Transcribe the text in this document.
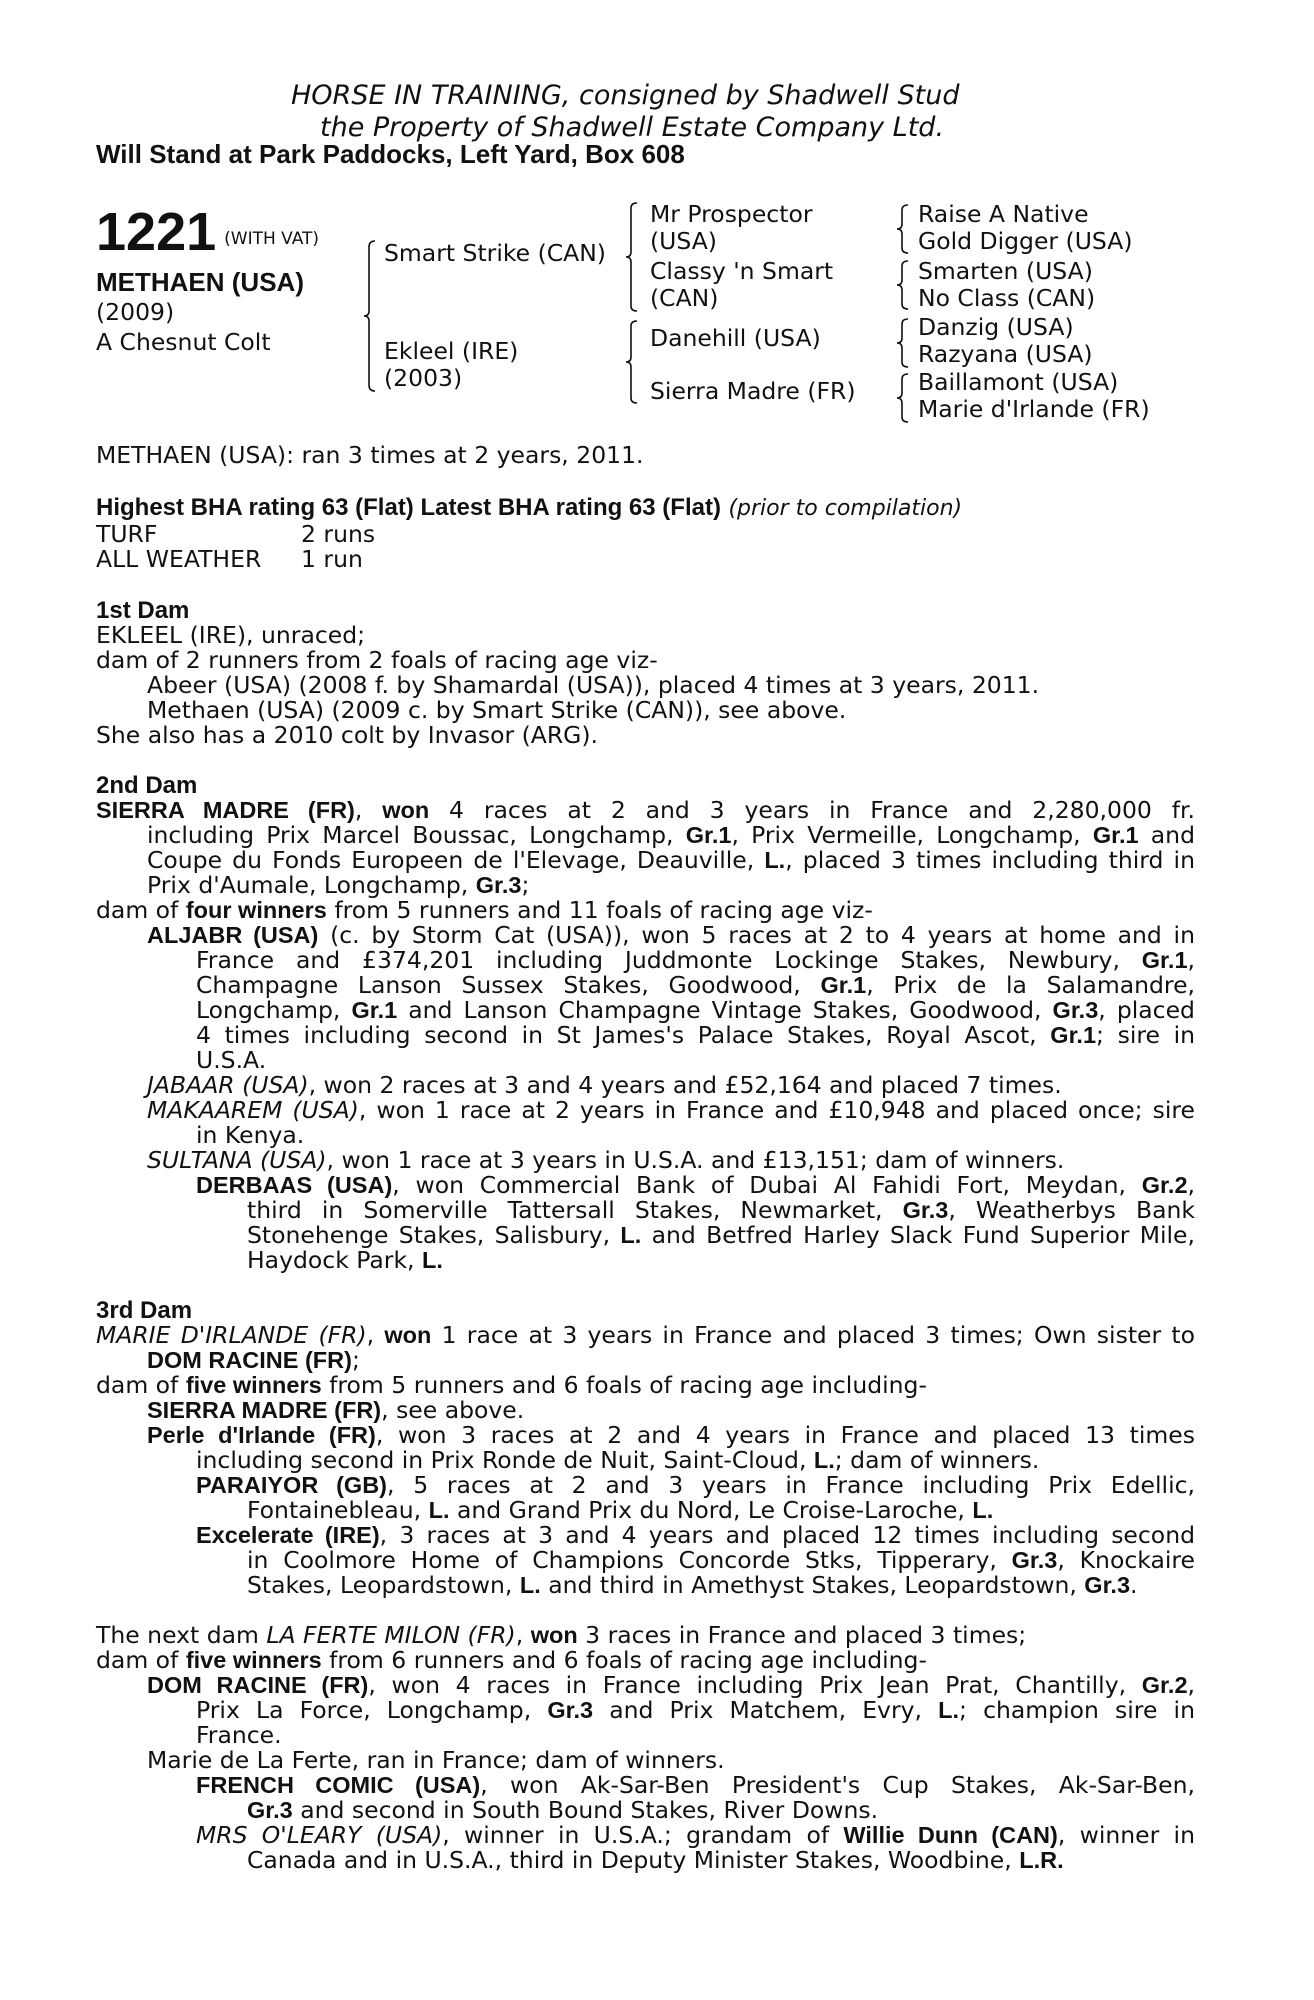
HORSE IN TRAINING, consigned by Shadwell Stud
the Property of Shadwell Estate Company Ltd.
Will Stand at Park Paddocks, Left Yard, Box 608
1221 $^{(WITH VAT)}$
METHAEN (USA)
(2009)
A Chesnut Colt
Smart Strike (CAN)
Ekleel (IRE)
(2003)
Mr Prospector
(USA)
Classy 'n Smart
(CAN)
Danehill (USA)
Sierra Madre (FR)
Raise A Native
Gold Digger (USA)
Smarten (USA)
No Class (CAN)
Danzig (USA)
Razyana (USA)
Baillamont (USA)
Marie d'Irlande (FR)
METHAEN (USA): ran 3 times at 2 years, 2011.
Highest BHA rating 63 (Flat) Latest BHA rating 63 (Flat) (prior to compilation)
TURF	2 runs
ALL WEATHER 1 run
1st Dam
EKLEEL (IRE), unraced;
dam of 2 runners from 2 foals of racing age viz-
Abeer (USA) (2008 f. by Shamardal (USA)), placed 4 times at 3 years, 2011.
Methaen (USA) (2009 c. by Smart Strike (CAN)), see above.
She also has a 2010 colt by Invasor (ARG).
2nd Dam
SIERRA MADRE (FR), won 4 races at 2 and 3 years in France and 2,280,000 fr.
including Prix Marcel Boussac, Longchamp, Gr.1, Prix Vermeille, Longchamp, Gr.1 and
Coupe du Fonds Europeen de l'Elevage, Deauville, L., placed 3 times including third in
Prix d'Aumale, Longchamp, Gr.3;
dam of four winners from 5 runners and 11 foals of racing age viz-
ALJABR (USA) (c. by Storm Cat (USA)), won 5 races at 2 to 4 years at home and in
France and £374,201 including Juddmonte Lockinge Stakes, Newbury, Gr.1,
Champagne Lanson Sussex Stakes, Goodwood, Gr.1, Prix de la Salamandre,
Longchamp, Gr.1 and Lanson Champagne Vintage Stakes, Goodwood, Gr.3, placed
4 times including second in St James's Palace Stakes, Royal Ascot, Gr.1; sire in
U.S.A.
JABAAR (USA), won 2 races at 3 and 4 years and £52,164 and placed 7 times.
MAKAAREM (USA), won 1 race at 2 years in France and £10,948 and placed once; sire
in Kenya.
SULTANA (USA), won 1 race at 3 years in U.S.A. and £13,151; dam of winners.
DERBAAS (USA), won Commercial Bank of Dubai Al Fahidi Fort, Meydan, Gr.2,
third in Somerville Tattersall Stakes, Newmarket, Gr.3, Weatherbys Bank
Stonehenge Stakes, Salisbury, L. and Betfred Harley Slack Fund Superior Mile,
Haydock Park, L.
3rd Dam
MARIE D'IRLANDE (FR), won 1 race at 3 years in France and placed 3 times; Own sister to
DOM RACINE (FR);
dam of five winners from 5 runners and 6 foals of racing age including-
SIERRA MADRE (FR), see above.
Perle d'Irlande (FR), won 3 races at 2 and 4 years in France and placed 13 times
including second in Prix Ronde de Nuit, Saint-Cloud, L.; dam of winners.
PARAIYOR (GB), 5 races at 2 and 3 years in France including Prix Edellic,
Fontainebleau, L. and Grand Prix du Nord, Le Croise-Laroche, L.
Excelerate (IRE), 3 races at 3 and 4 years and placed 12 times including second
in Coolmore Home of Champions Concorde Stks, Tipperary, Gr.3, Knockaire
Stakes, Leopardstown, L. and third in Amethyst Stakes, Leopardstown, Gr.3.
The next dam LA FERTE MILON (FR), won 3 races in France and placed 3 times;
dam of five winners from 6 runners and 6 foals of racing age including-
DOM RACINE (FR), won 4 races in France including Prix Jean Prat, Chantilly, Gr.2,
Prix La Force, Longchamp, Gr.3 and Prix Matchem, Evry, L.; champion sire in
France.
Marie de La Ferte, ran in France; dam of winners.
FRENCH COMIC (USA), won Ak-Sar-Ben President's Cup Stakes, Ak-Sar-Ben,
Gr.3 and second in South Bound Stakes, River Downs.
MRS O'LEARY (USA), winner in U.S.A.; grandam of Willie Dunn (CAN), winner in
Canada and in U.S.A., third in Deputy Minister Stakes, Woodbine, L.R.
